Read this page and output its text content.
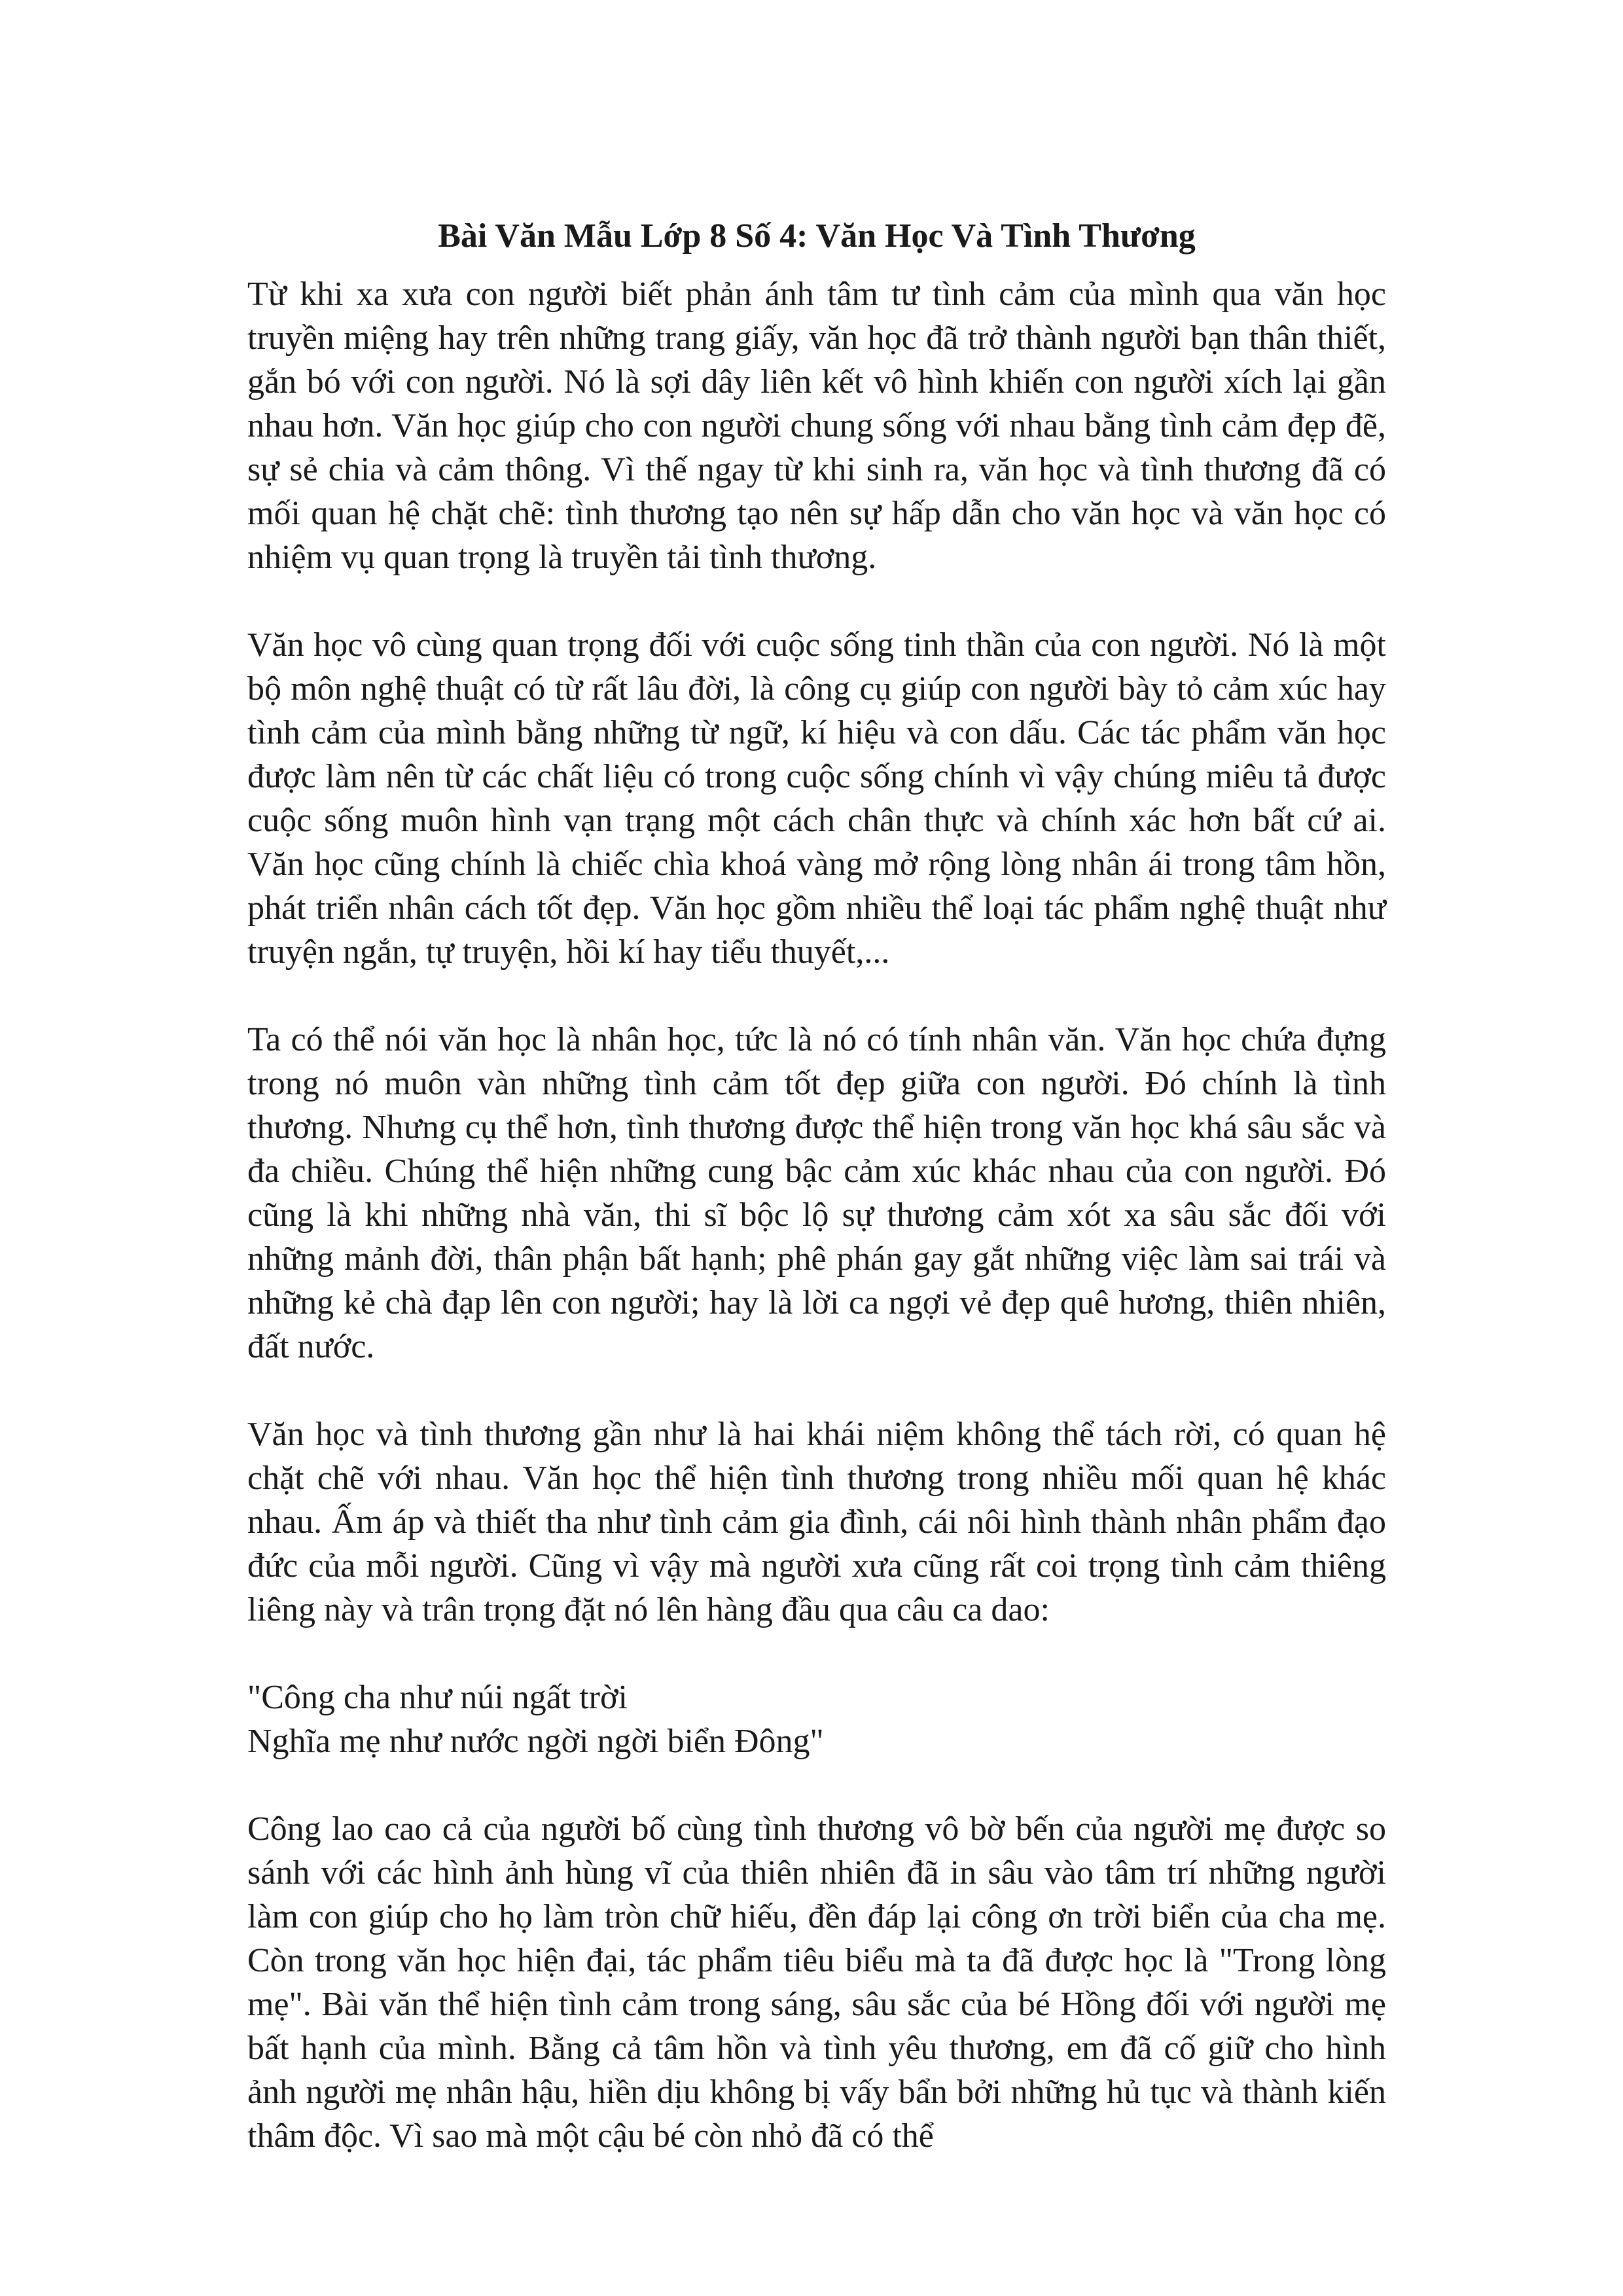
Bài Văn Mẫu Lớp 8 Số 4: Văn Học Và Tình Thương

Từ khi xa xưa con người biết phản ánh tâm tư tình cảm của mình qua văn học truyền miệng hay trên những trang giấy, văn học đã trở thành người bạn thân thiết, gắn bó với con người. Nó là sợi dây liên kết vô hình khiến con người xích lại gần nhau hơn. Văn học giúp cho con người chung sống với nhau bằng tình cảm đẹp đẽ, sự sẻ chia và cảm thông. Vì thế ngay từ khi sinh ra, văn học và tình thương đã có mối quan hệ chặt chẽ: tình thương tạo nên sự hấp dẫn cho văn học và văn học có nhiệm vụ quan trọng là truyền tải tình thương.

Văn học vô cùng quan trọng đối với cuộc sống tinh thần của con người. Nó là một bộ môn nghệ thuật có từ rất lâu đời, là công cụ giúp con người bày tỏ cảm xúc hay tình cảm của mình bằng những từ ngữ, kí hiệu và con dấu. Các tác phẩm văn học được làm nên từ các chất liệu có trong cuộc sống chính vì vậy chúng miêu tả được cuộc sống muôn hình vạn trạng một cách chân thực và chính xác hơn bất cứ ai. Văn học cũng chính là chiếc chìa khoá vàng mở rộng lòng nhân ái trong tâm hồn, phát triển nhân cách tốt đẹp. Văn học gồm nhiều thể loại tác phẩm nghệ thuật như truyện ngắn, tự truyện, hồi kí hay tiểu thuyết,...

Ta có thể nói văn học là nhân học, tức là nó có tính nhân văn. Văn học chứa đựng trong nó muôn vàn những tình cảm tốt đẹp giữa con người. Đó chính là tình thương. Nhưng cụ thể hơn, tình thương được thể hiện trong văn học khá sâu sắc và đa chiều. Chúng thể hiện những cung bậc cảm xúc khác nhau của con người. Đó cũng là khi những nhà văn, thi sĩ bộc lộ sự thương cảm xót xa sâu sắc đối với những mảnh đời, thân phận bất hạnh; phê phán gay gắt những việc làm sai trái và những kẻ chà đạp lên con người; hay là lời ca ngợi vẻ đẹp quê hương, thiên nhiên, đất nước.

Văn học và tình thương gần như là hai khái niệm không thể tách rời, có quan hệ chặt chẽ với nhau. Văn học thể hiện tình thương trong nhiều mối quan hệ khác nhau. Ấm áp và thiết tha như tình cảm gia đình, cái nôi hình thành nhân phẩm đạo đức của mỗi người. Cũng vì vậy mà người xưa cũng rất coi trọng tình cảm thiêng liêng này và trân trọng đặt nó lên hàng đầu qua câu ca dao:

"Công cha như núi ngất trời
Nghĩa mẹ như nước ngời ngời biển Đông"

Công lao cao cả của người bố cùng tình thương vô bờ bến của người mẹ được so sánh với các hình ảnh hùng vĩ của thiên nhiên đã in sâu vào tâm trí những người làm con giúp cho họ làm tròn chữ hiếu, đền đáp lại công ơn trời biển của cha mẹ. Còn trong văn học hiện đại, tác phẩm tiêu biểu mà ta đã được học là "Trong lòng mẹ". Bài văn thể hiện tình cảm trong sáng, sâu sắc của bé Hồng đối với người mẹ bất hạnh của mình. Bằng cả tâm hồn và tình yêu thương, em đã cố giữ cho hình ảnh người mẹ nhân hậu, hiền dịu không bị vấy bẩn bởi những hủ tục và thành kiến thâm độc. Vì sao mà một cậu bé còn nhỏ đã có thể
